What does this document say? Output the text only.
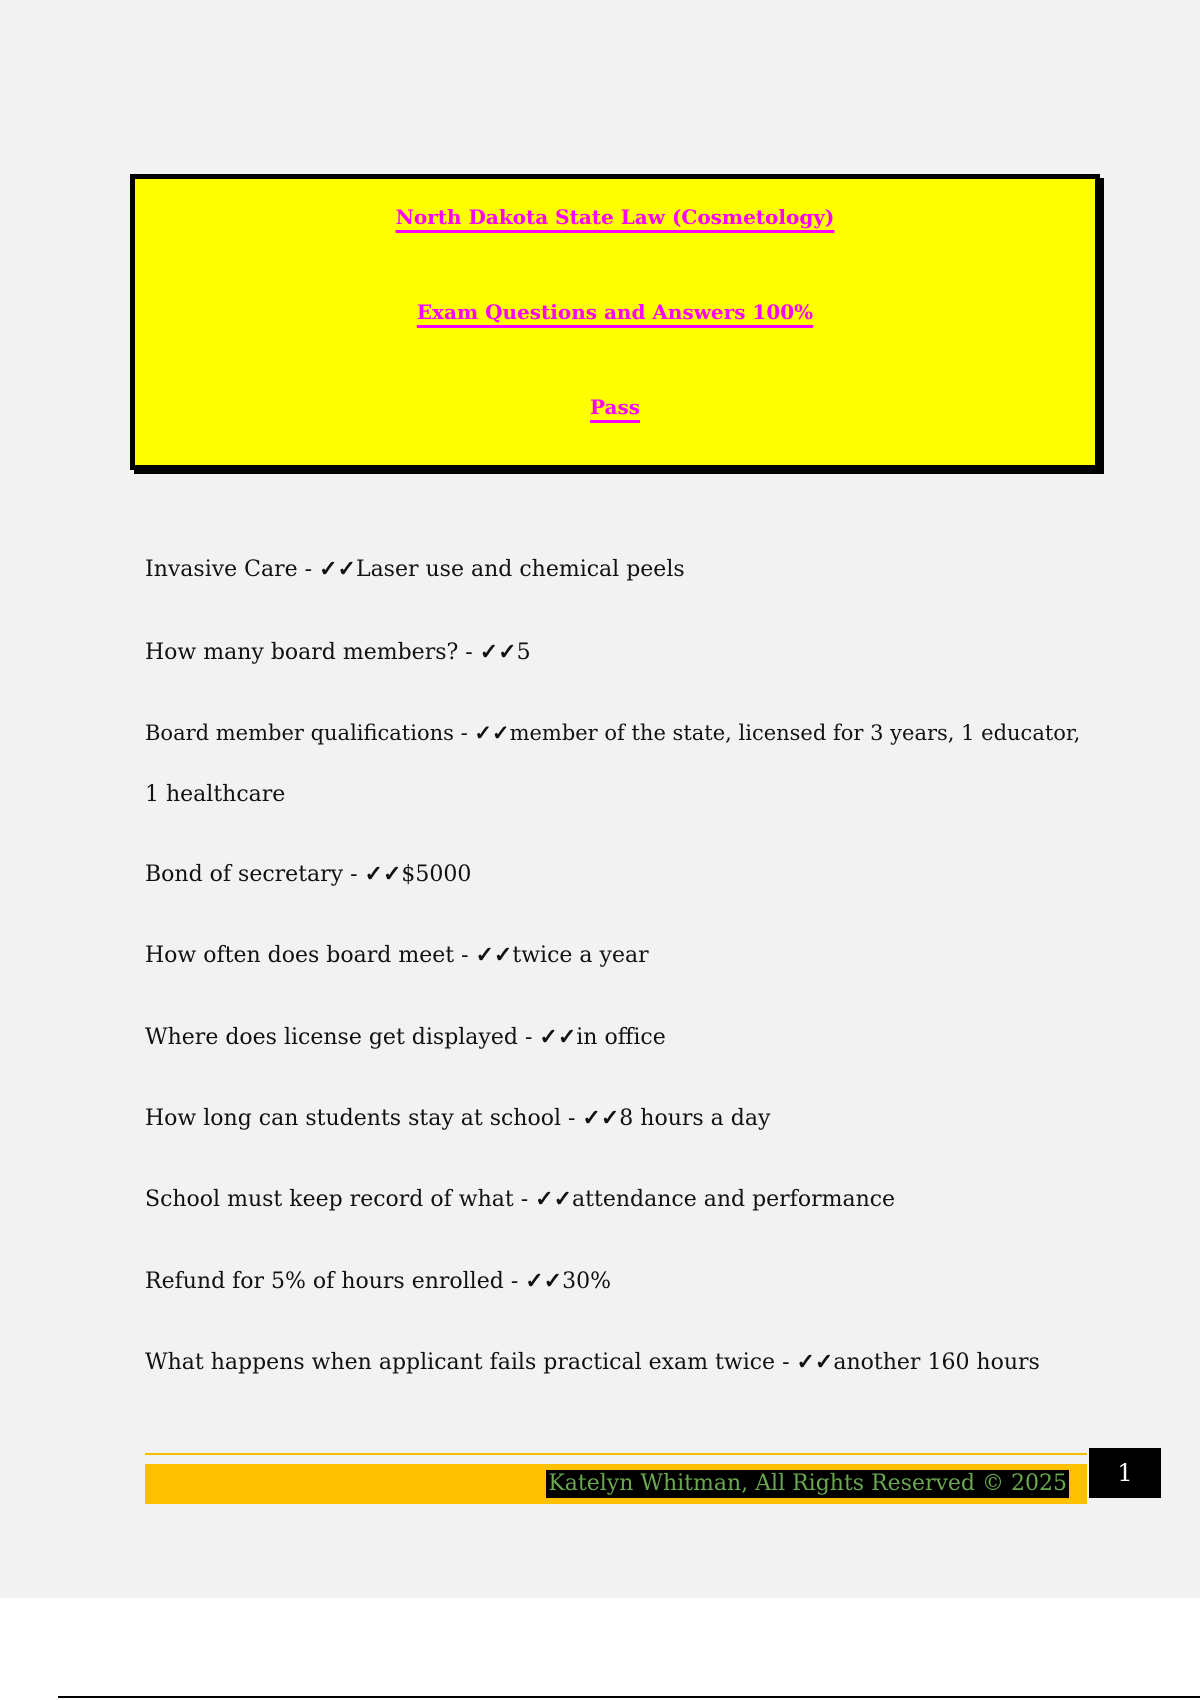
North Dakota State Law (Cosmetology)
Exam Questions and Answers 100%
Pass
Invasive Care - ✓✓Laser use and chemical peels
How many board members? - ✓✓5
Board member qualifications - ✓✓member of the state, licensed for 3 years, 1 educator,
1 healthcare
Bond of secretary - ✓✓$5000
How often does board meet - ✓✓twice a year
Where does license get displayed - ✓✓in office
How long can students stay at school - ✓✓8 hours a day
School must keep record of what - ✓✓attendance and performance
Refund for 5% of hours enrolled - ✓✓30%
What happens when applicant fails practical exam twice - ✓✓another 160 hours
Katelyn Whitman, All Rights Reserved © 2025	1
